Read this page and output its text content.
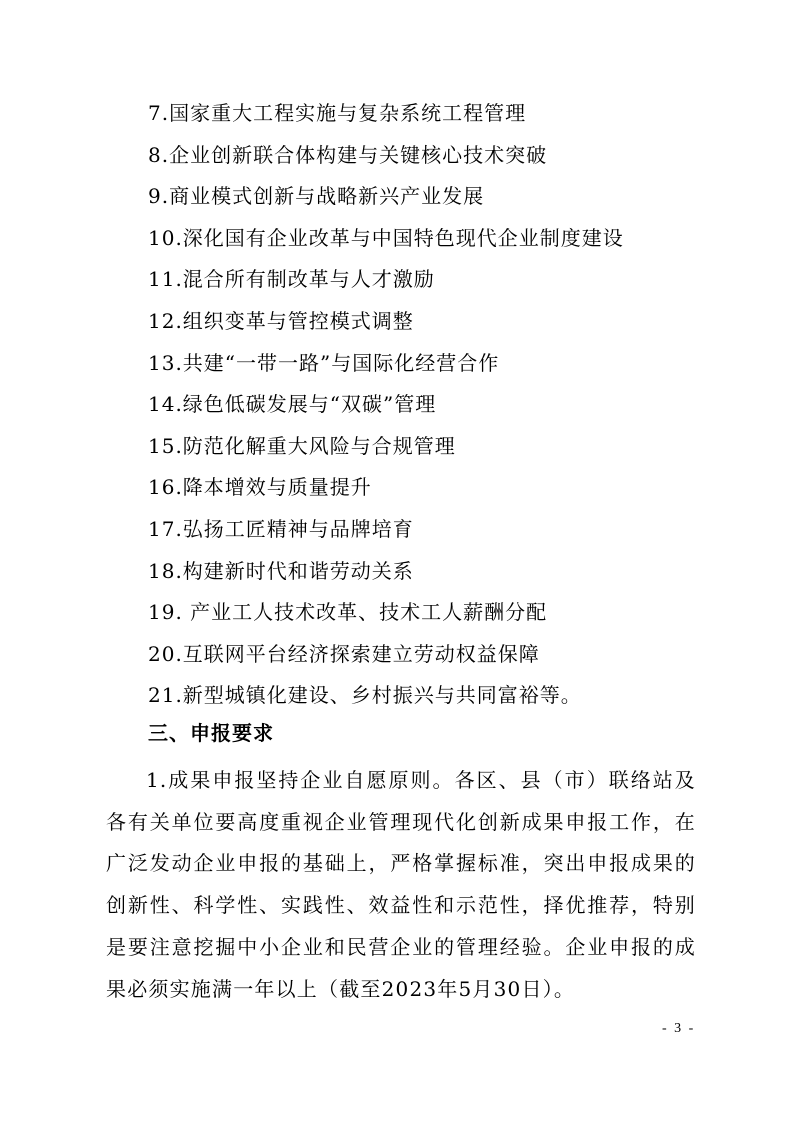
7.国家重大工程实施与复杂系统工程管理
8.企业创新联合体构建与关键核心技术突破
9.商业模式创新与战略新兴产业发展
10.深化国有企业改革与中国特色现代企业制度建设
11.混合所有制改革与人才激励
12.组织变革与管控模式调整
13.共建“一带一路”与国际化经营合作
14.绿色低碳发展与“双碳”管理
15.防范化解重大风险与合规管理
16.降本增效与质量提升
17.弘扬工匠精神与品牌培育
18.构建新时代和谐劳动关系
19. 产业工人技术改革、技术工人薪酬分配
20.互联网平台经济探索建立劳动权益保障
21.新型城镇化建设、乡村振兴与共同富裕等。
三、申报要求
1.成果申报坚持企业自愿原则。各区、县（市）联络站及各有关单位要高度重视企业管理现代化创新成果申报工作，在广泛发动企业申报的基础上，严格掌握标准，突出申报成果的创新性、科学性、实践性、效益性和示范性，择优推荐，特别是要注意挖掘中小企业和民营企业的管理经验。企业申报的成果必须实施满一年以上（截至2023年5月30日）。
- 3 -
